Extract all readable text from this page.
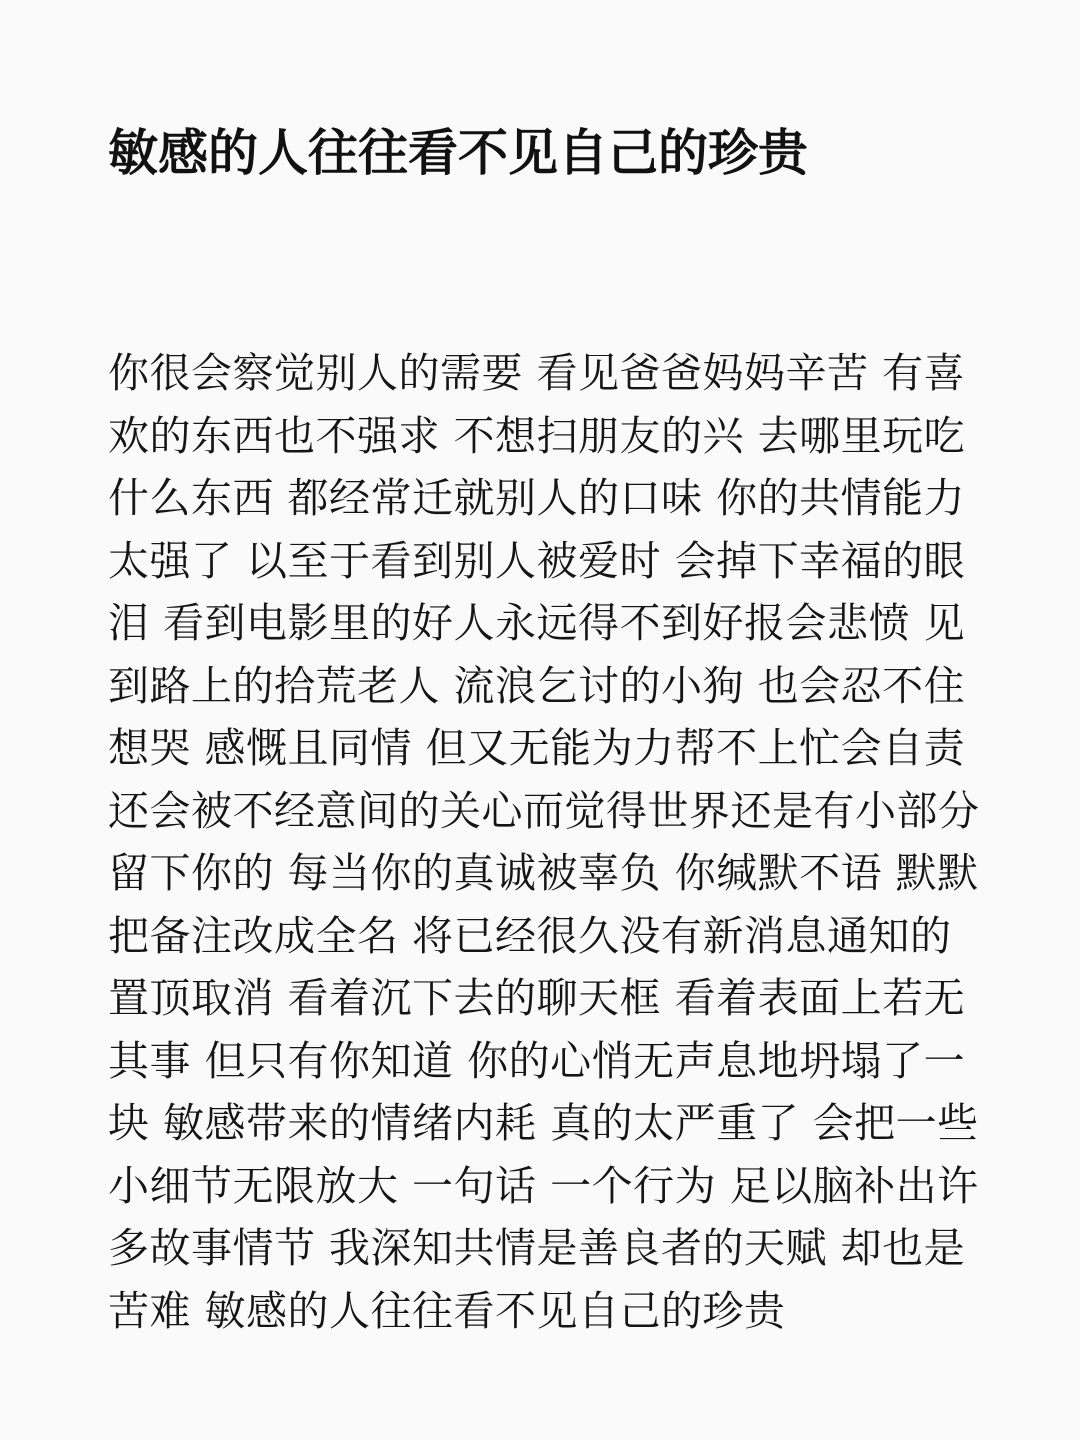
敏感的人往往看不见自己的珍贵
你很会察觉别人的需要 看见爸爸妈妈辛苦 有喜
欢的东西也不强求 不想扫朋友的兴 去哪里玩吃
什么东西 都经常迁就别人的口味 你的共情能力
太强了 以至于看到别人被爱时 会掉下幸福的眼
泪 看到电影里的好人永远得不到好报会悲愤 见
到路上的拾荒老人 流浪乞讨的小狗 也会忍不住
想哭 感慨且同情 但又无能为力帮不上忙会自责
还会被不经意间的关心而觉得世界还是有小部分
留下你的 每当你的真诚被辜负 你缄默不语 默默
把备注改成全名 将已经很久没有新消息通知的
置顶取消 看着沉下去的聊天框 看着表面上若无
其事 但只有你知道 你的心悄无声息地坍塌了一
块 敏感带来的情绪内耗 真的太严重了 会把一些
小细节无限放大 一句话 一个行为 足以脑补出许
多故事情节 我深知共情是善良者的天赋 却也是
苦难 敏感的人往往看不见自己的珍贵
